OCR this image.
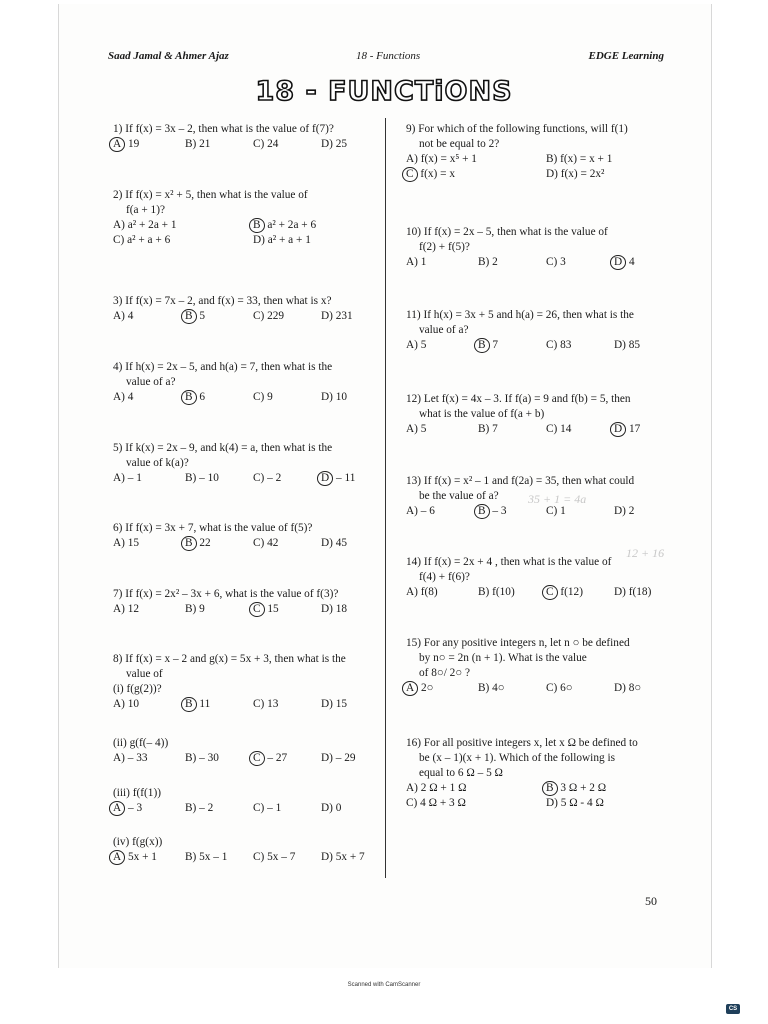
Saad Jamal & Ahmer Ajaz	18 - Functions	EDGE Learning
18 - FUNCTiONS
1) If f(x) = 3x – 2, then what is the value of f(7)?
A 19	B) 21	C) 24	D) 25
2) If f(x) = x² + 5, then what is the value of
f(a + 1)?
A) a² + 2a + 1	B a² + 2a + 6
C) a² + a + 6	D) a² + a + 1
3) If f(x) = 7x – 2, and f(x) = 33, then what is x?
A) 4	B 5	C) 229	D) 231
4) If h(x) = 2x – 5, and h(a) = 7, then what is the
value of a?
A) 4	B 6	C) 9	D) 10
5) If k(x) = 2x – 9, and k(4) = a, then what is the
value of k(a)?
A) – 1	B) – 10	C) – 2	D – 11
6) If f(x) = 3x + 7, what is the value of f(5)?
A) 15	B 22	C) 42	D) 45
7) If f(x) = 2x² – 3x + 6, what is the value of f(3)?
A) 12	B) 9	C 15	D) 18
8) If f(x) = x – 2 and g(x) = 5x + 3, then what is the
value of
(i) f(g(2))?
A) 10	B 11	C) 13	D) 15
(ii) g(f(– 4))
A) – 33	B) – 30	C – 27	D) – 29
(iii) f(f(1))
A – 3	B) – 2	C) – 1	D) 0
(iv) f(g(x))
A 5x + 1 B) 5x – 1 C) 5x – 7 D) 5x + 7
9) For which of the following functions, will f(1)
not be equal to 2?
A) f(x) = x⁵ + 1	B) f(x) = x + 1
C f(x) = x	D) f(x) = 2x²
10) If f(x) = 2x – 5, then what is the value of
f(2) + f(5)?
A) 1	B) 2	C) 3	D 4
11) If h(x) = 3x + 5 and h(a) = 26, then what is the
value of a?
A) 5	B 7	C) 83	D) 85
12) Let f(x) = 4x – 3. If f(a) = 9 and f(b) = 5, then
what is the value of f(a + b)
A) 5	B) 7	C) 14	D 17
13) If f(x) = x² – 1 and f(2a) = 35, then what could
be the value of a?
A) – 6	B – 3	C) 1	D) 2
14) If f(x) = 2x + 4 , then what is the value of
f(4) + f(6)?
A) f(8)	B) f(10)	C f(12)	D) f(18)
15) For any positive integers n, let n ○ be defined
by n○ = 2n (n + 1). What is the value
of 8○/ 2○ ?
A 2○	B) 4○	C) 6○	D) 8○
16) For all positive integers x, let x Ω be defined to
be (x – 1)(x + 1). Which of the following is
equal to 6 Ω – 5 Ω
A) 2 Ω + 1 Ω	B 3 Ω + 2 Ω
C) 4 Ω + 3 Ω	D) 5 Ω - 4 Ω
35 + 1 = 4a
12 + 16
50
Scanned with CamScanner
CS
